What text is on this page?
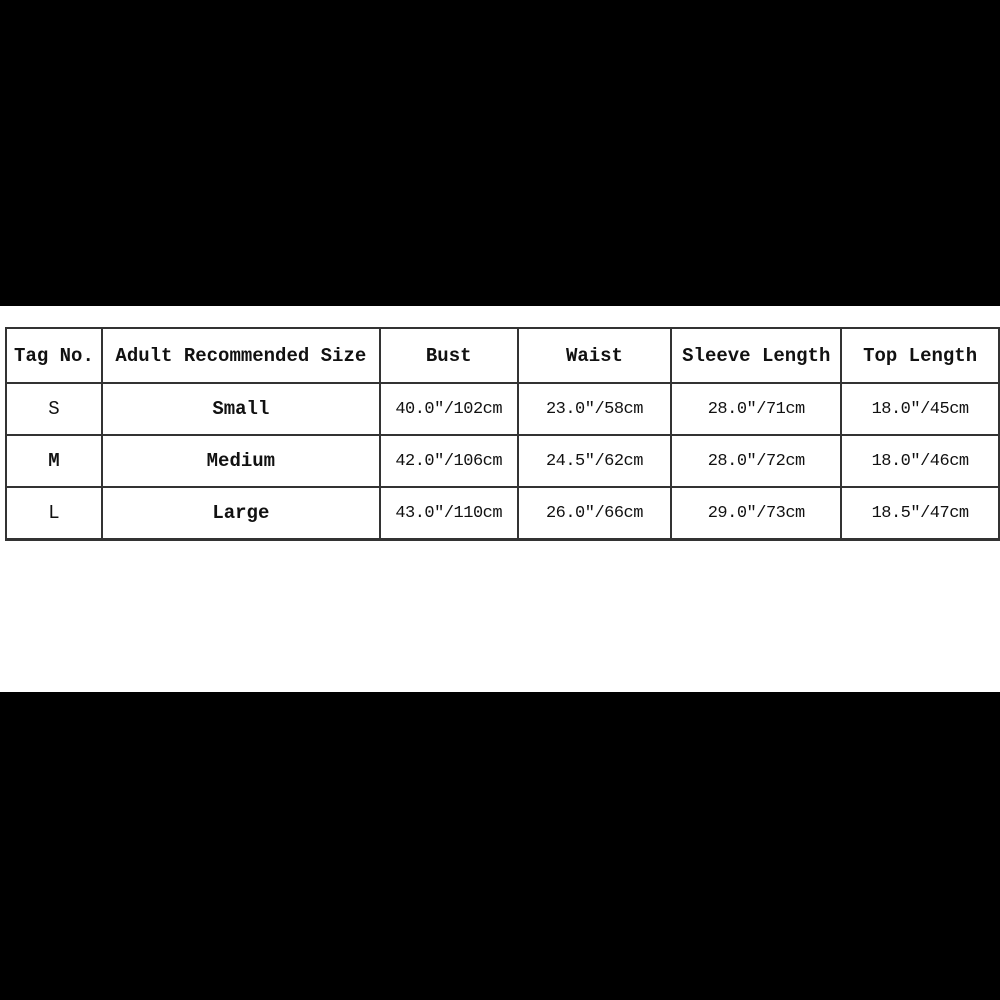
Tag No.	Adult Recommended Size	Bust	Waist	Sleeve Length	Top Length
S	Small	40.0"/102cm	23.0"/58cm	28.0"/71cm	18.0"/45cm
M	Medium	42.0"/106cm	24.5"/62cm	28.0"/72cm	18.0"/46cm
L	Large	43.0"/110cm	26.0"/66cm	29.0"/73cm	18.5"/47cm
